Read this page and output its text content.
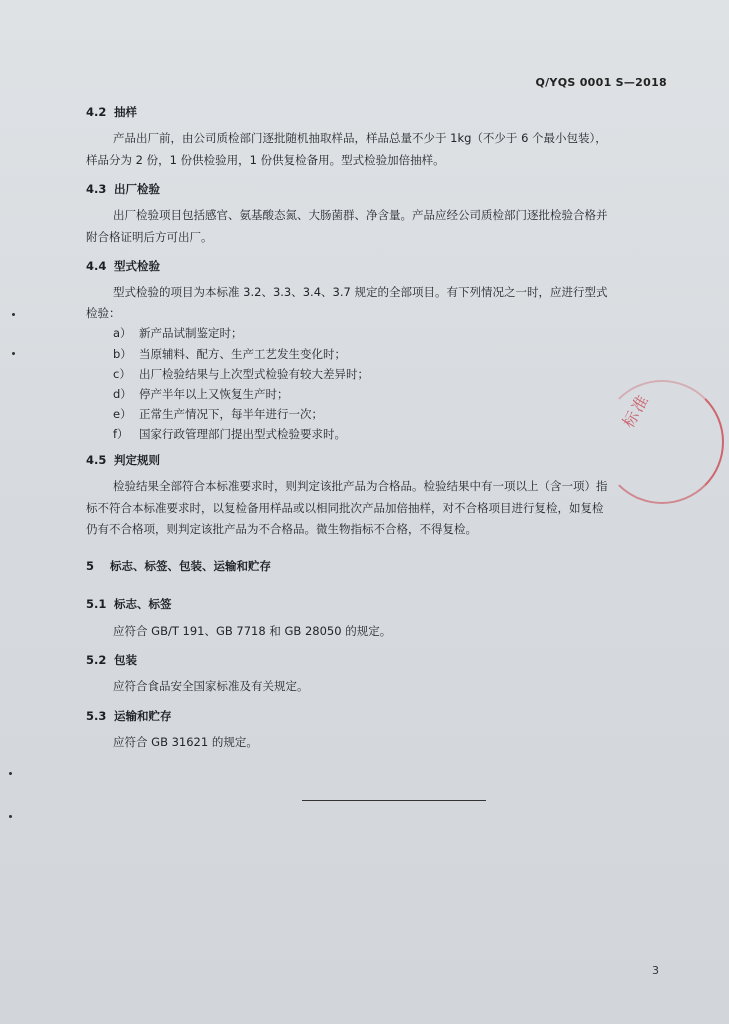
Q/YQS 0001 S—2018
4.2 抽样
产品出厂前，由公司质检部门逐批随机抽取样品，样品总量不少于 1kg（不少于 6 个最小包装），
样品分为 2 份，1 份供检验用，1 份供复检备用。型式检验加倍抽样。
4.3 出厂检验
出厂检验项目包括感官、氨基酸态氮、大肠菌群、净含量。产品应经公司质检部门逐批检验合格并
附合格证明后方可出厂。
4.4 型式检验
型式检验的项目为本标准 3.2、3.3、3.4、3.7 规定的全部项目。有下列情况之一时，应进行型式
检验：
a） 新产品试制鉴定时；
b） 当原辅料、配方、生产工艺发生变化时；
c） 出厂检验结果与上次型式检验有较大差异时；
d） 停产半年以上又恢复生产时；
e） 正常生产情况下，每半年进行一次；
f） 国家行政管理部门提出型式检验要求时。
4.5 判定规则
检验结果全部符合本标准要求时，则判定该批产品为合格品。检验结果中有一项以上（含一项）指
标不符合本标准要求时，以复检备用样品或以相同批次产品加倍抽样，对不合格项目进行复检，如复检
仍有不合格项，则判定该批产品为不合格品。微生物指标不合格，不得复检。
5 标志、标签、包装、运输和贮存
5.1 标志、标签
应符合 GB/T 191、GB 7718 和 GB 28050 的规定。
5.2 包装
应符合食品安全国家标准及有关规定。
5.3 运输和贮存
应符合 GB 31621 的规定。
3
标准
